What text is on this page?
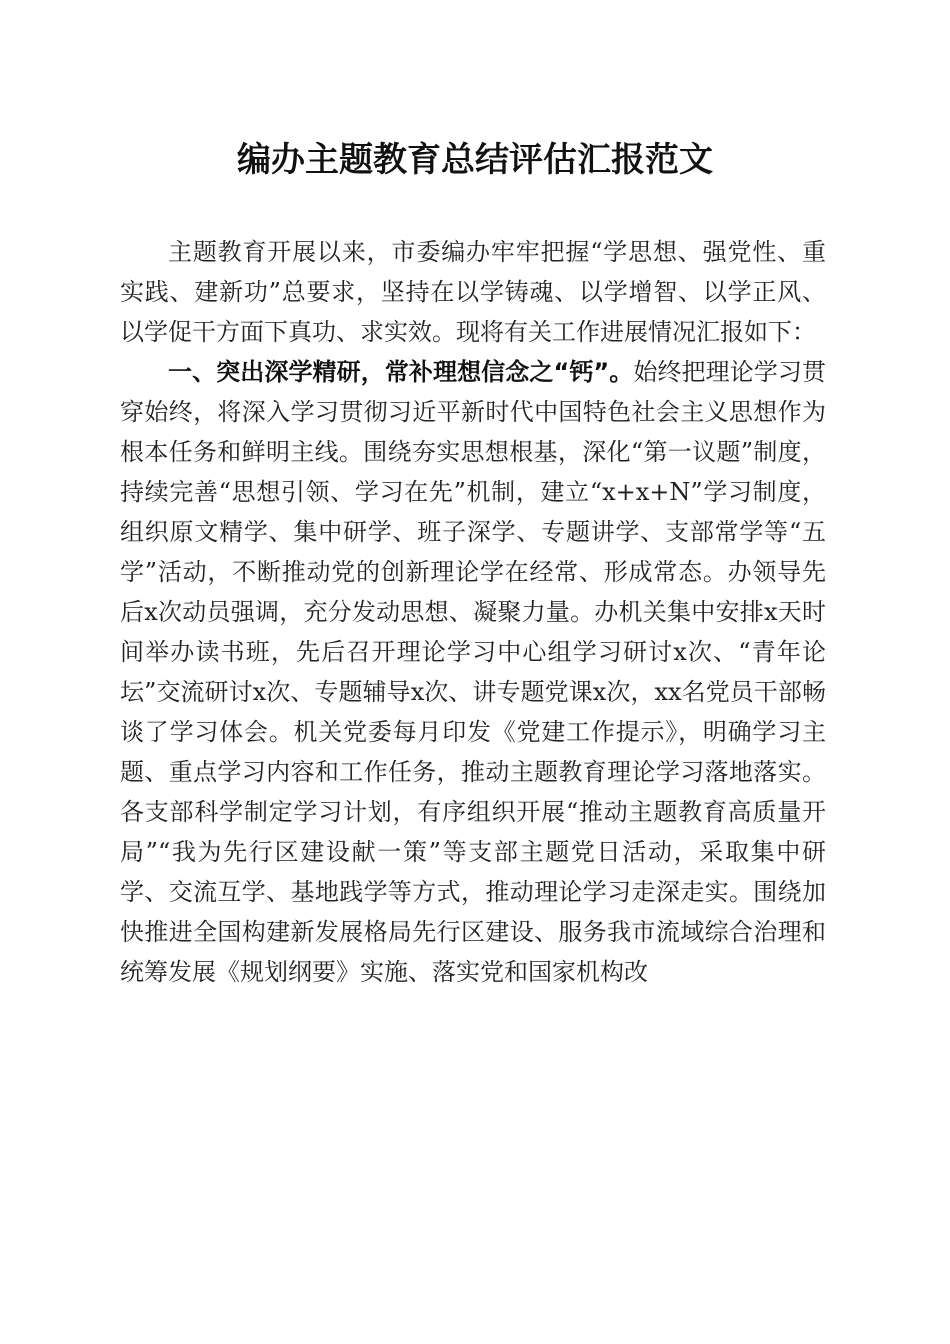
编办主题教育总结评估汇报范文

主题教育开展以来，市委编办牢牢把握“学思想、强党性、重实践、建新功”总要求，坚持在以学铸魂、以学增智、以学正风、以学促干方面下真功、求实效。现将有关工作进展情况汇报如下：

一、突出深学精研，常补理想信念之“钙”。始终把理论学习贯穿始终，将深入学习贯彻习近平新时代中国特色社会主义思想作为根本任务和鲜明主线。围绕夯实思想根基，深化“第一议题”制度，持续完善“思想引领、学习在先”机制，建立“x+x+N”学习制度，组织原文精学、集中研学、班子深学、专题讲学、支部常学等“五学”活动，不断推动党的创新理论学在经常、形成常态。办领导先后x次动员强调，充分发动思想、凝聚力量。办机关集中安排x天时间举办读书班，先后召开理论学习中心组学习研讨x次、“青年论坛”交流研讨x次、专题辅导x次、讲专题党课x次，xx名党员干部畅谈了学习体会。机关党委每月印发《党建工作提示》，明确学习主题、重点学习内容和工作任务，推动主题教育理论学习落地落实。各支部科学制定学习计划，有序组织开展“推动主题教育高质量开局”“我为先行区建设献一策”等支部主题党日活动，采取集中研学、交流互学、基地践学等方式，推动理论学习走深走实。围绕加快推进全国构建新发展格局先行区建设、服务我市流域综合治理和统筹发展《规划纲要》实施、落实党和国家机构改
